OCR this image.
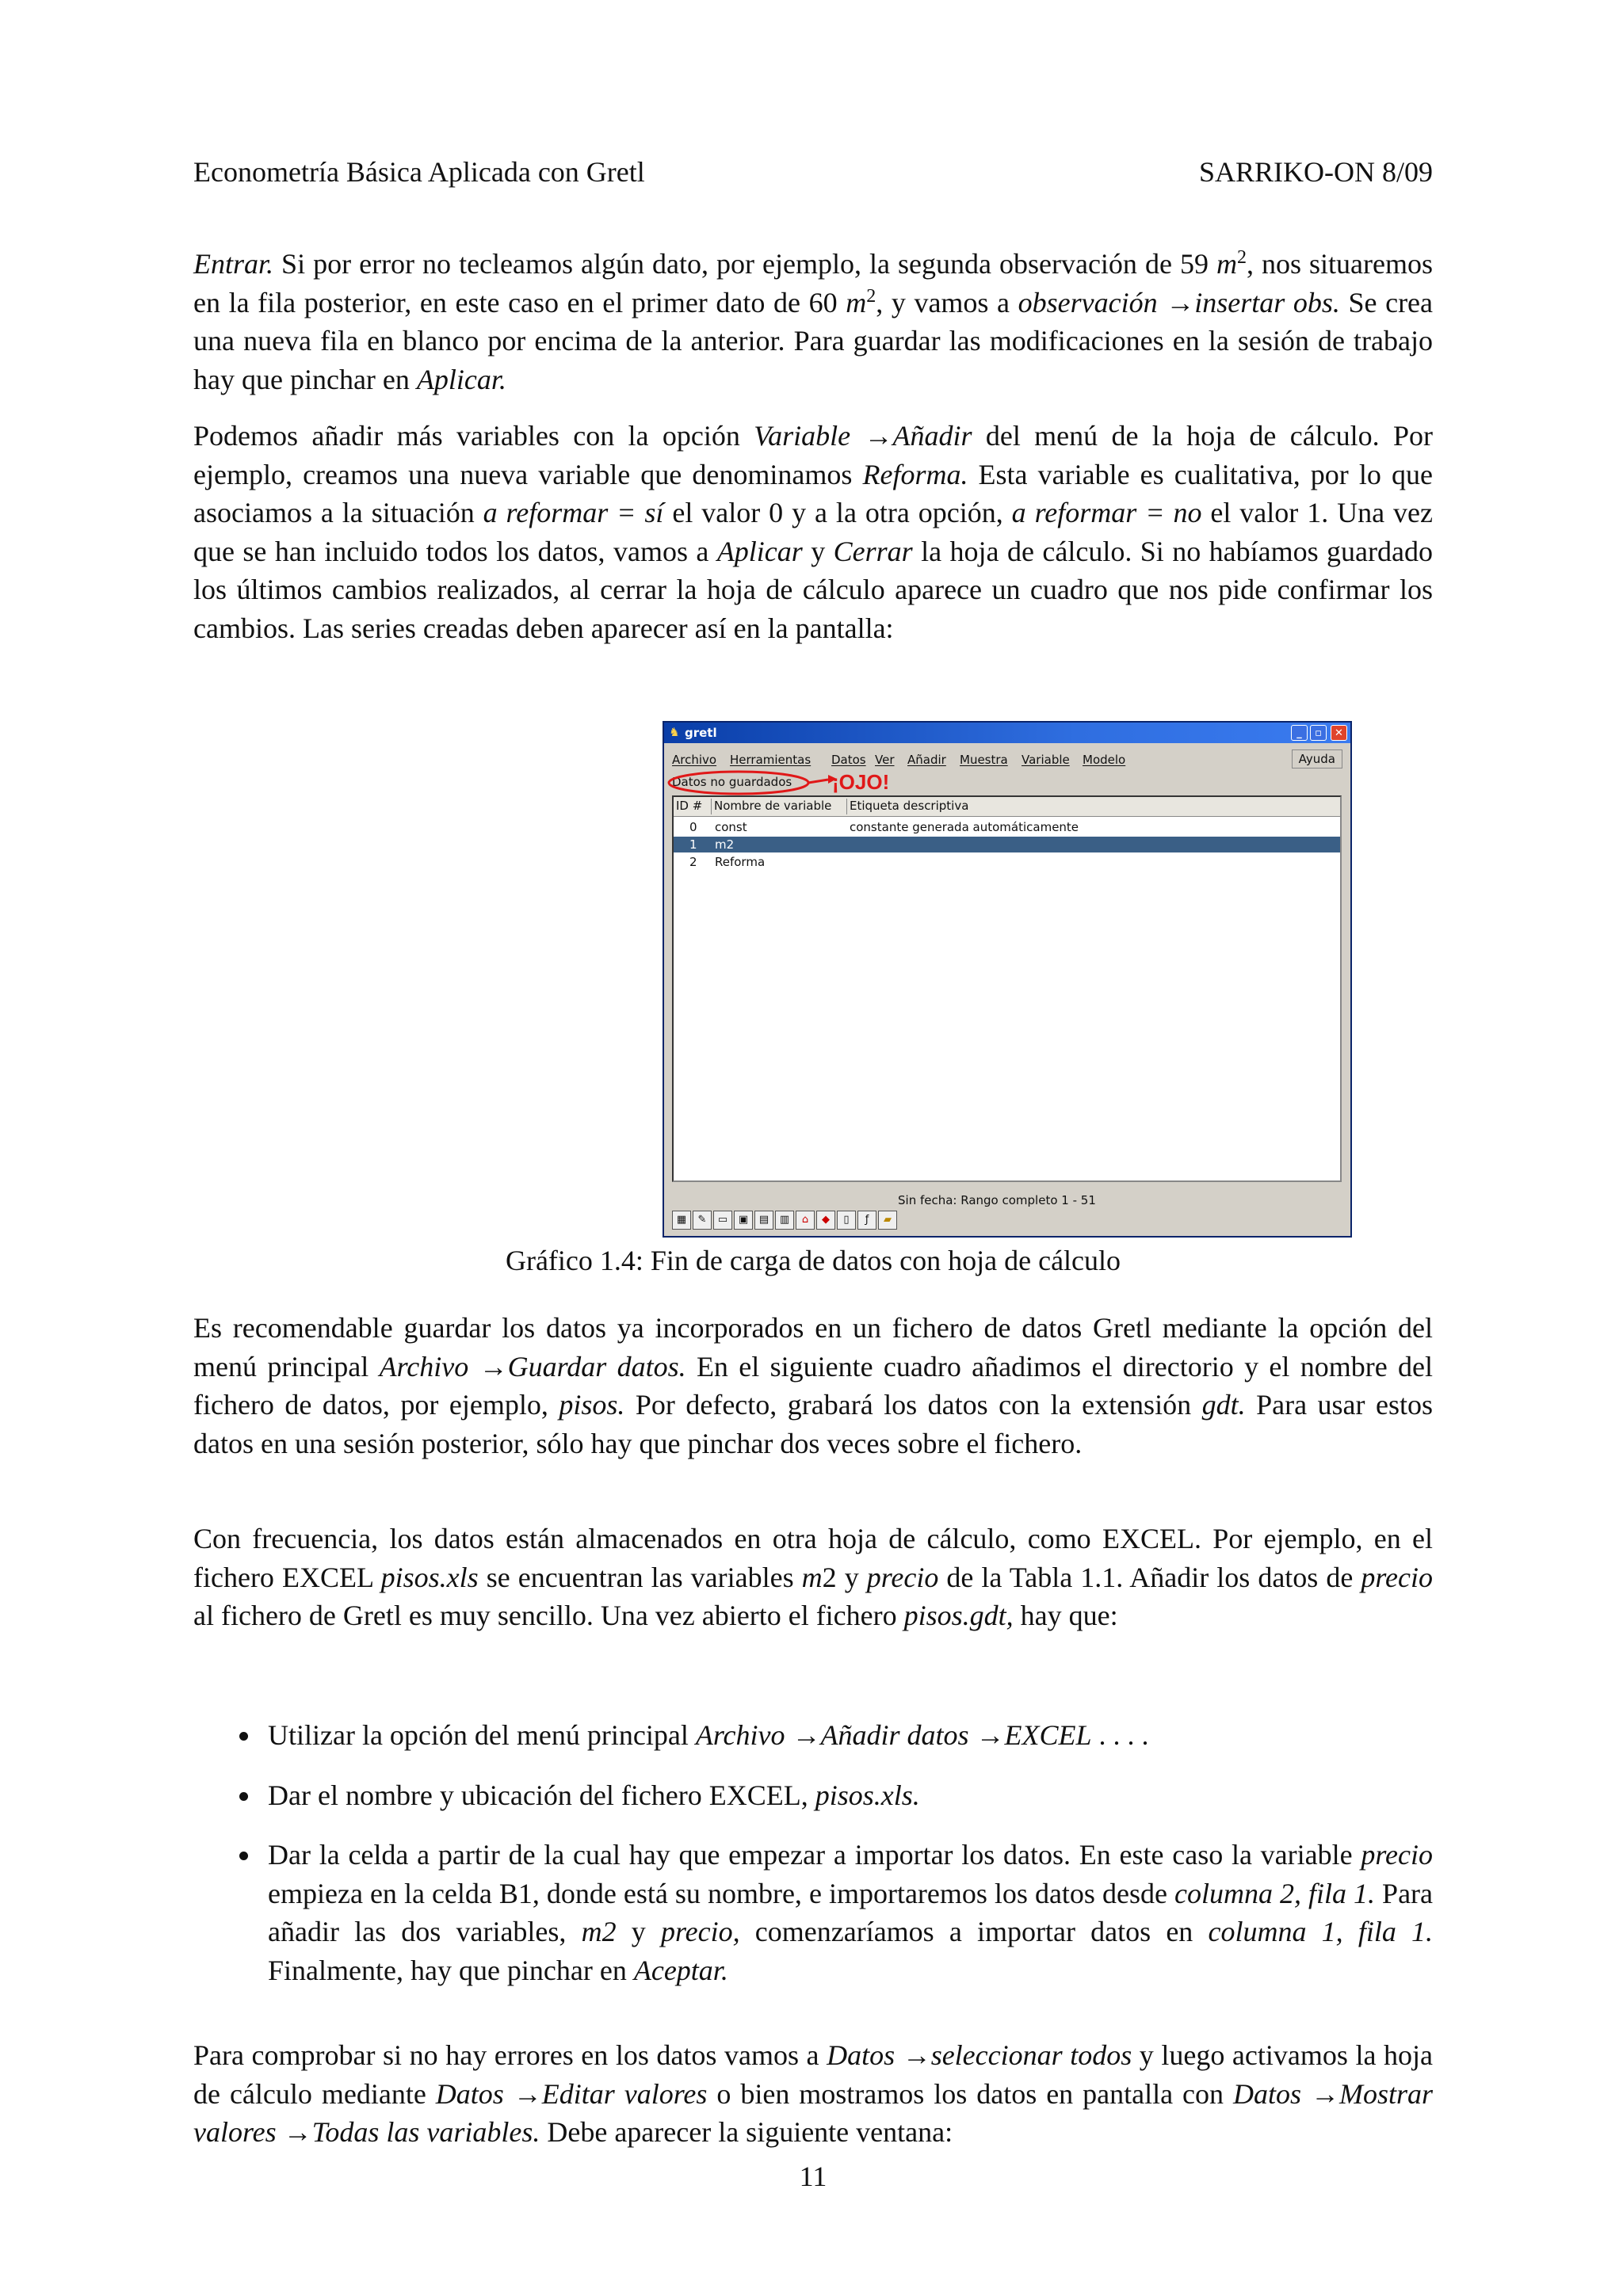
Econometría Básica Aplicada con Gretl	SARRIKO-ON 8/09

Entrar. Si por error no tecleamos algún dato, por ejemplo, la segunda observación de 59 $m^2$, nos situaremos en la fila posterior, en este caso en el primer dato de 60 $m^2$, y vamos a observación →insertar obs. Se crea una nueva fila en blanco por encima de la anterior. Para guardar las modificaciones en la sesión de trabajo hay que pinchar en Aplicar.

Podemos añadir más variables con la opción Variable →Añadir del menú de la hoja de cálculo. Por ejemplo, creamos una nueva variable que denominamos Reforma. Esta variable es cualitativa, por lo que asociamos a la situación a reformar = sí el valor 0 y a la otra opción, a reformar = no el valor 1. Una vez que se han incluido todos los datos, vamos a Aplicar y Cerrar la hoja de cálculo. Si no habíamos guardado los últimos cambios realizados, al cerrar la hoja de cálculo aparece un cuadro que nos pide confirmar los cambios. Las series creadas deben aparecer así en la pantalla:

♞ gretl	_	▫	✕
Archivo Herramientas Datos Ver Añadir Muestra Variable Modelo	Ayuda
Datos no guardados ¡OJO!
ID # Nombre de variable	Etiqueta descriptiva
0 const	constante generada automáticamente
1 m2
2 Reforma
Sin fecha: Rango completo 1 - 51
▦	✎	▭	▣	▤	▥	⌂	◆	▯	ƒ	▰
Gráfico 1.4: Fin de carga de datos con hoja de cálculo

Es recomendable guardar los datos ya incorporados en un fichero de datos Gretl mediante la opción del menú principal Archivo →Guardar datos. En el siguiente cuadro añadimos el directorio y el nombre del fichero de datos, por ejemplo, pisos. Por defecto, grabará los datos con la extensión gdt. Para usar estos datos en una sesión posterior, sólo hay que pinchar dos veces sobre el fichero.

Con frecuencia, los datos están almacenados en otra hoja de cálculo, como EXCEL. Por ejemplo, en el fichero EXCEL pisos.xls se encuentran las variables m2 y precio de la Tabla 1.1. Añadir los datos de precio al fichero de Gretl es muy sencillo. Una vez abierto el fichero pisos.gdt, hay que:

Utilizar la opción del menú principal Archivo →Añadir datos →EXCEL . . . .
Dar el nombre y ubicación del fichero EXCEL, pisos.xls.
Dar la celda a partir de la cual hay que empezar a importar los datos. En este caso la variable precio empieza en la celda B1, donde está su nombre, e importaremos los datos desde columna 2, fila 1. Para añadir las dos variables, m2 y precio, comenzaríamos a importar datos en columna 1, fila 1. Finalmente, hay que pinchar en Aceptar.

Para comprobar si no hay errores en los datos vamos a Datos →seleccionar todos y luego activamos la hoja de cálculo mediante Datos →Editar valores o bien mostramos los datos en pantalla con Datos →Mostrar valores →Todas las variables. Debe aparecer la siguiente ventana:

11
